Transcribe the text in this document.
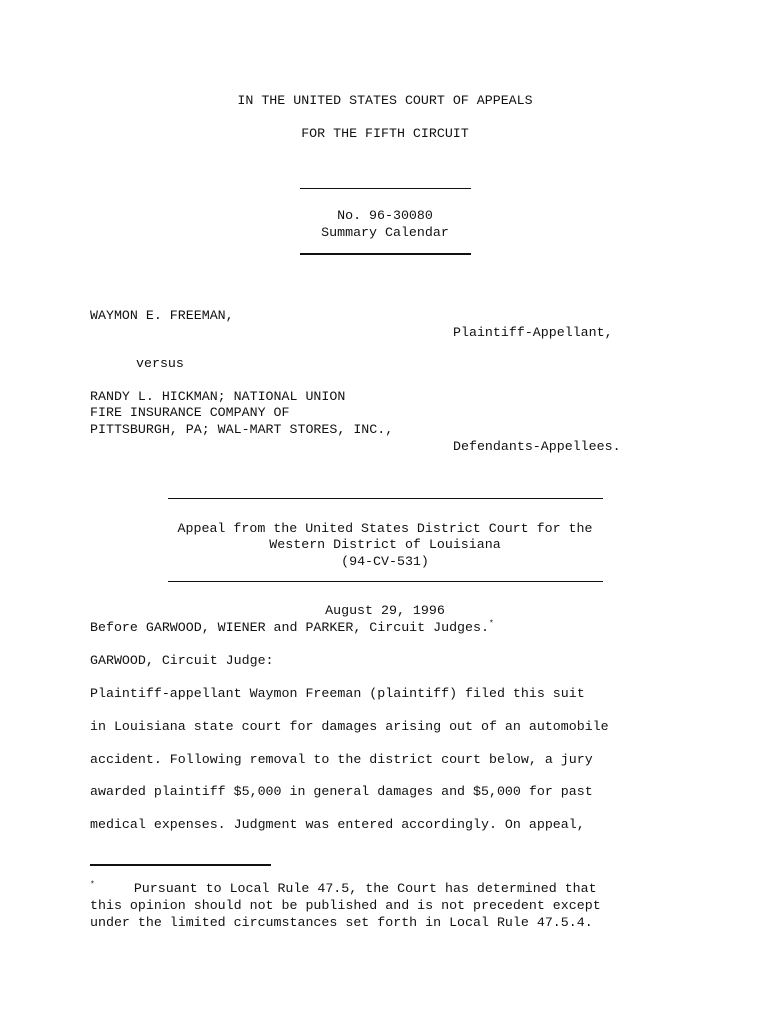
IN THE UNITED STATES COURT OF APPEALS
FOR THE FIFTH CIRCUIT
No. 96-30080
Summary Calendar
WAYMON E. FREEMAN,
Plaintiff-Appellant,
versus
RANDY L. HICKMAN; NATIONAL UNION
FIRE INSURANCE COMPANY OF
PITTSBURGH, PA; WAL-MART STORES, INC.,
Defendants-Appellees.
Appeal from the United States District Court for the
Western District of Louisiana
(94-CV-531)
August 29, 1996
Before GARWOOD, WIENER and PARKER, Circuit Judges.*
GARWOOD, Circuit Judge:
Plaintiff-appellant Waymon Freeman (plaintiff) filed this suit
in Louisiana state court for damages arising out of an automobile
accident. Following removal to the district court below, a jury
awarded plaintiff $5,000 in general damages and $5,000 for past
medical expenses. Judgment was entered accordingly. On appeal,
*	Pursuant to Local Rule 47.5, the Court has determined that
this opinion should not be published and is not precedent except
under the limited circumstances set forth in Local Rule 47.5.4.
